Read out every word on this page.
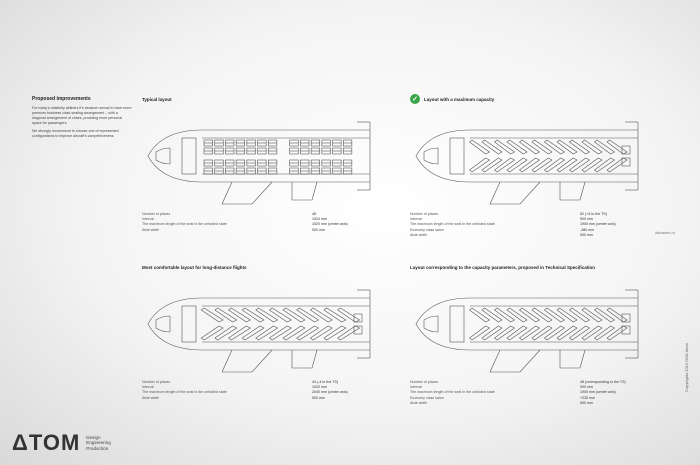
Proposed improvements

For today's relatively airliners it's became normal to have more premium business class seating arrangement – with a diagonal arrangement of chairs, providing more personal space for passengers.

We strongly recommend to choose one of represented configurations to improve aircraft's competitiveness.

Typical layout
Number of places	48
Interval	1524 mm
The maximum length of the seat in the unfolded state	1520 mm (center axis)
Aisle width	500 mm
✓	Layout with a maximum capacity
Number of places	52 (+4 to the TS)
Interval	900 mm
The maximum length of the seat in the unfolded state	1900 mm (center axis)
Economy class salon	-380 mm
Aisle width	500 mm
Most comfortable layout for long-distance flights
Number of places	44 (-4 to the TS)
Interval	1020 mm
The maximum length of the seat in the unfolded state	2040 mm (center axis)
Aisle width	500 mm
Layout corresponding to the capacity parameters, proposed in Technical Specification
Number of places	48 (corresponding to the TS)
Interval	900 mm
The maximum length of the seat in the unfolded state	1900 mm (center axis)
Economy class salon	+230 mm
Aisle width	500 mm
okbatom.ru
Copyrights 2015 OKB Atom
ΔTOM Design
Engineering
Production
